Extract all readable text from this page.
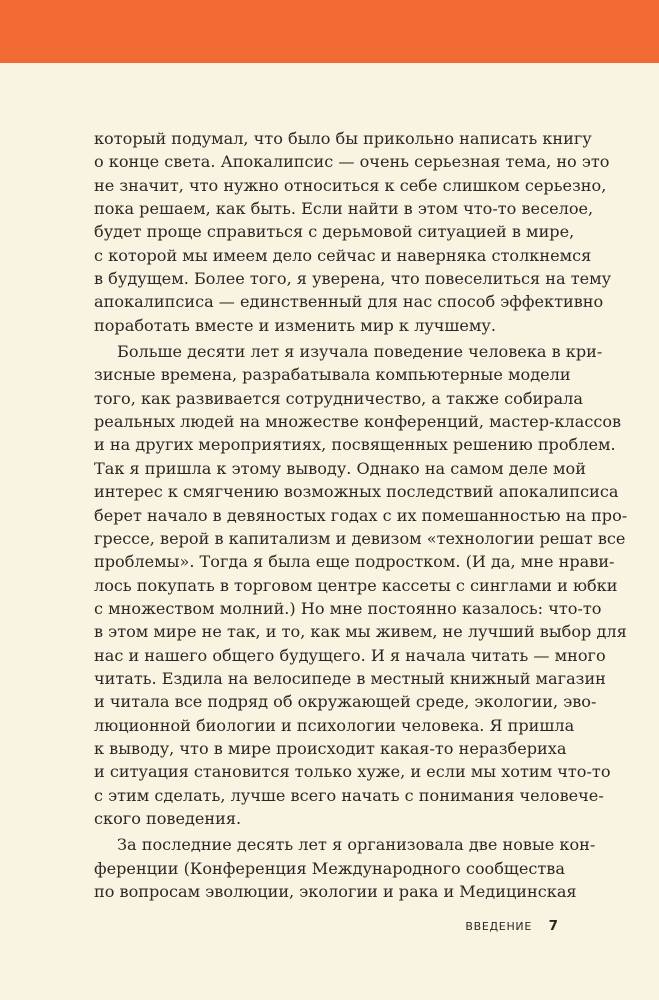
который подумал, что было бы прикольно написать книгу
о конце света. Апокалипсис — очень серьезная тема, но это
не значит, что нужно относиться к себе слишком серьезно,
пока решаем, как быть. Если найти в этом что-то веселое,
будет проще справиться с дерьмовой ситуацией в мире,
с которой мы имеем дело сейчас и наверняка столкнемся
в будущем. Более того, я уверена, что повеселиться на тему
апокалипсиса — единственный для нас способ эффективно
поработать вместе и изменить мир к лучшему.
Больше десяти лет я изучала поведение человека в кри-
зисные времена, разрабатывала компьютерные модели
того, как развивается сотрудничество, а также собирала
реальных людей на множестве конференций, мастер-классов
и на других мероприятиях, посвященных решению проблем.
Так я пришла к этому выводу. Однако на самом деле мой
интерес к смягчению возможных последствий апокалипсиса
берет начало в девяностых годах с их помешанностью на про-
грессе, верой в капитализм и девизом «технологии решат все
проблемы». Тогда я была еще подростком. (И да, мне нрави-
лось покупать в торговом центре кассеты с синглами и юбки
с множеством молний.) Но мне постоянно казалось: что-то
в этом мире не так, и то, как мы живем, не лучший выбор для
нас и нашего общего будущего. И я начала читать — много
читать. Ездила на велосипеде в местный книжный магазин
и читала все подряд об окружающей среде, экологии, эво-
люционной биологии и психологии человека. Я пришла
к выводу, что в мире происходит какая-то неразбериха
и ситуация становится только хуже, и если мы хотим что-то
с этим сделать, лучше всего начать с понимания человече-
ского поведения.
За последние десять лет я организовала две новые кон-
ференции (Конференция Международного сообщества
по вопросам эволюции, экологии и рака и Медицинская
ВВЕДЕНИЕ 7
